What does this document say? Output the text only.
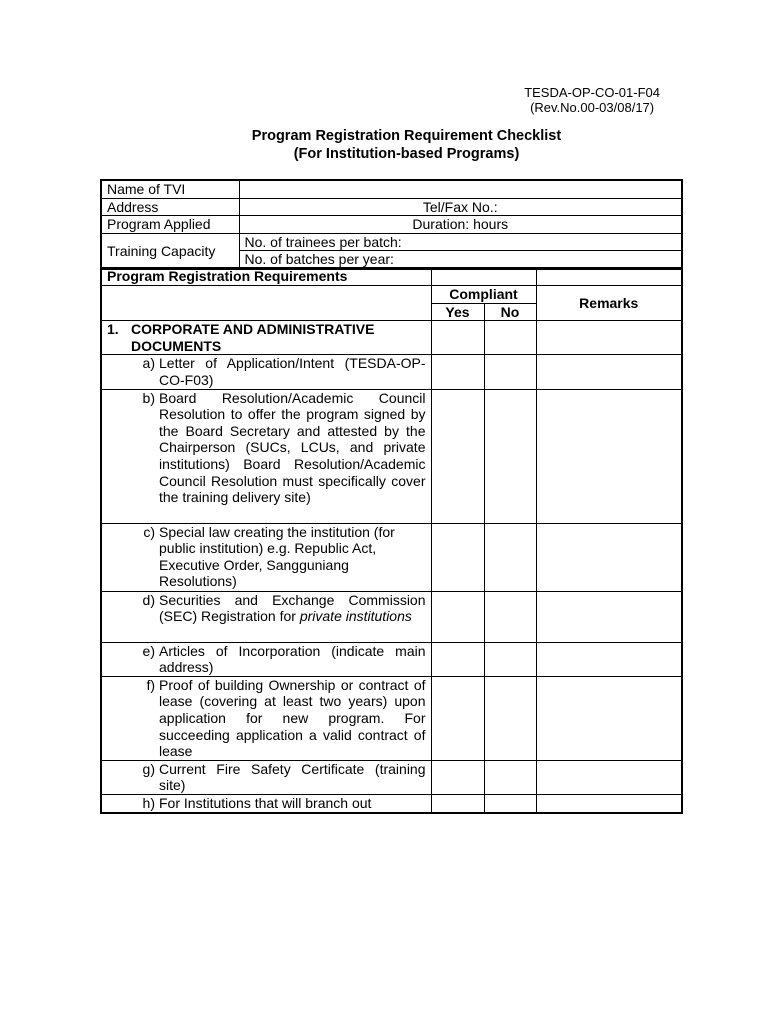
TESDA-OP-CO-01-F04
(Rev.No.00-03/08/17)
Program Registration Requirement Checklist
(For Institution-based Programs)
Name of TVI	
Address	Tel/Fax No.:
Program Applied	Duration: hours
Training Capacity	No. of trainees per batch:
	No. of batches per year:
Program Registration Requirements			
	Compliant		Remarks
	Yes	No	

1. CORPORATE AND ADMINISTRATIVE DOCUMENTS			

a) Letter of Application/Intent (TESDA-OP-CO-F03)			

b) Board Resolution/Academic Council Resolution to offer the program signed by the Board Secretary and attested by the Chairperson (SUCs, LCUs, and private institutions) Board Resolution/Academic Council Resolution must specifically cover the training delivery site)			

c) Special law creating the institution (for public institution) e.g. Republic Act, Executive Order, Sangguniang Resolutions)			

d) Securities and Exchange Commission (SEC) Registration for private institutions			

e) Articles of Incorporation (indicate main address)			

f) Proof of building Ownership or contract of lease (covering at least two years) upon application for new program. For succeeding application a valid contract of lease			

g) Current Fire Safety Certificate (training site)			

h) For Institutions that will branch out			
